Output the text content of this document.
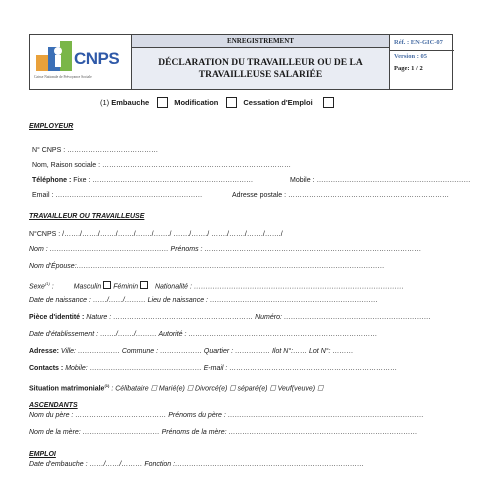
CNPS
Caisse Nationale de Prévoyance Sociale
ENREGISTREMENT
DÉCLARATION DU TRAVAILLEUR OU DE LA
TRAVAILLEUSE SALARIÉE
Réf. : EN-GIC-07
Version : 05
Page: 1 / 2
(1)
Embauche	Modification	Cessation d'Emploi
EMPLOYEUR
N° CNPS : …………………………………
Nom, Raison sociale : ………………………………………………………………………
Téléphone : Fixe : ……………………………………………………………	Mobile : …………………………………………………………
Email : ………………………………………………………	Adresse postale : ……………………………………………………………
TRAVAILLEUR OU TRAVAILLEUSE
N°CNPS : /……./……./……./……./……./……./ ……./……./ ……./……./……./……./
Nom : …………………………………………… Prénoms : …………………………………………………………………………………
Nom d'Épouse:……………………………………………………………………………………………………………………
Sexe$^{(1)}$ :	Masculin Féminin Nationalité : ………………………………………………………………………………
Date de naissance : ……/……/……… Lieu de naissance : ………………………………………………………………
Pièce d'identité : Nature : …………………………………………………… Numéro: ………………………………………………………
Date d'établissement : ……./……./……… Autorité : ………………………………………………………………………
Adresse: Ville: ……………… Commune : ……………… Quartier : …………… Ilot N°:…… Lot N°: ………
Contacts : Mobile: ………………………………………… E-mail : ………………………………………………………………
Situation matrimoniale$^{(1)}$ : Célibataire ☐ Marié(e) ☐ Divorcé(e) ☐ séparé(e) ☐ Veuf(veuve) ☐
ASCENDANTS
Nom du père : ………………………………… Prénoms du père : …………………………………………………………………………
Nom de la mère: …………………………… Prénoms de la mère: ………………………………………………………………………
EMPLOI
Date d'embauche : ……/……/……… Fonction :………………………………………………………………………
